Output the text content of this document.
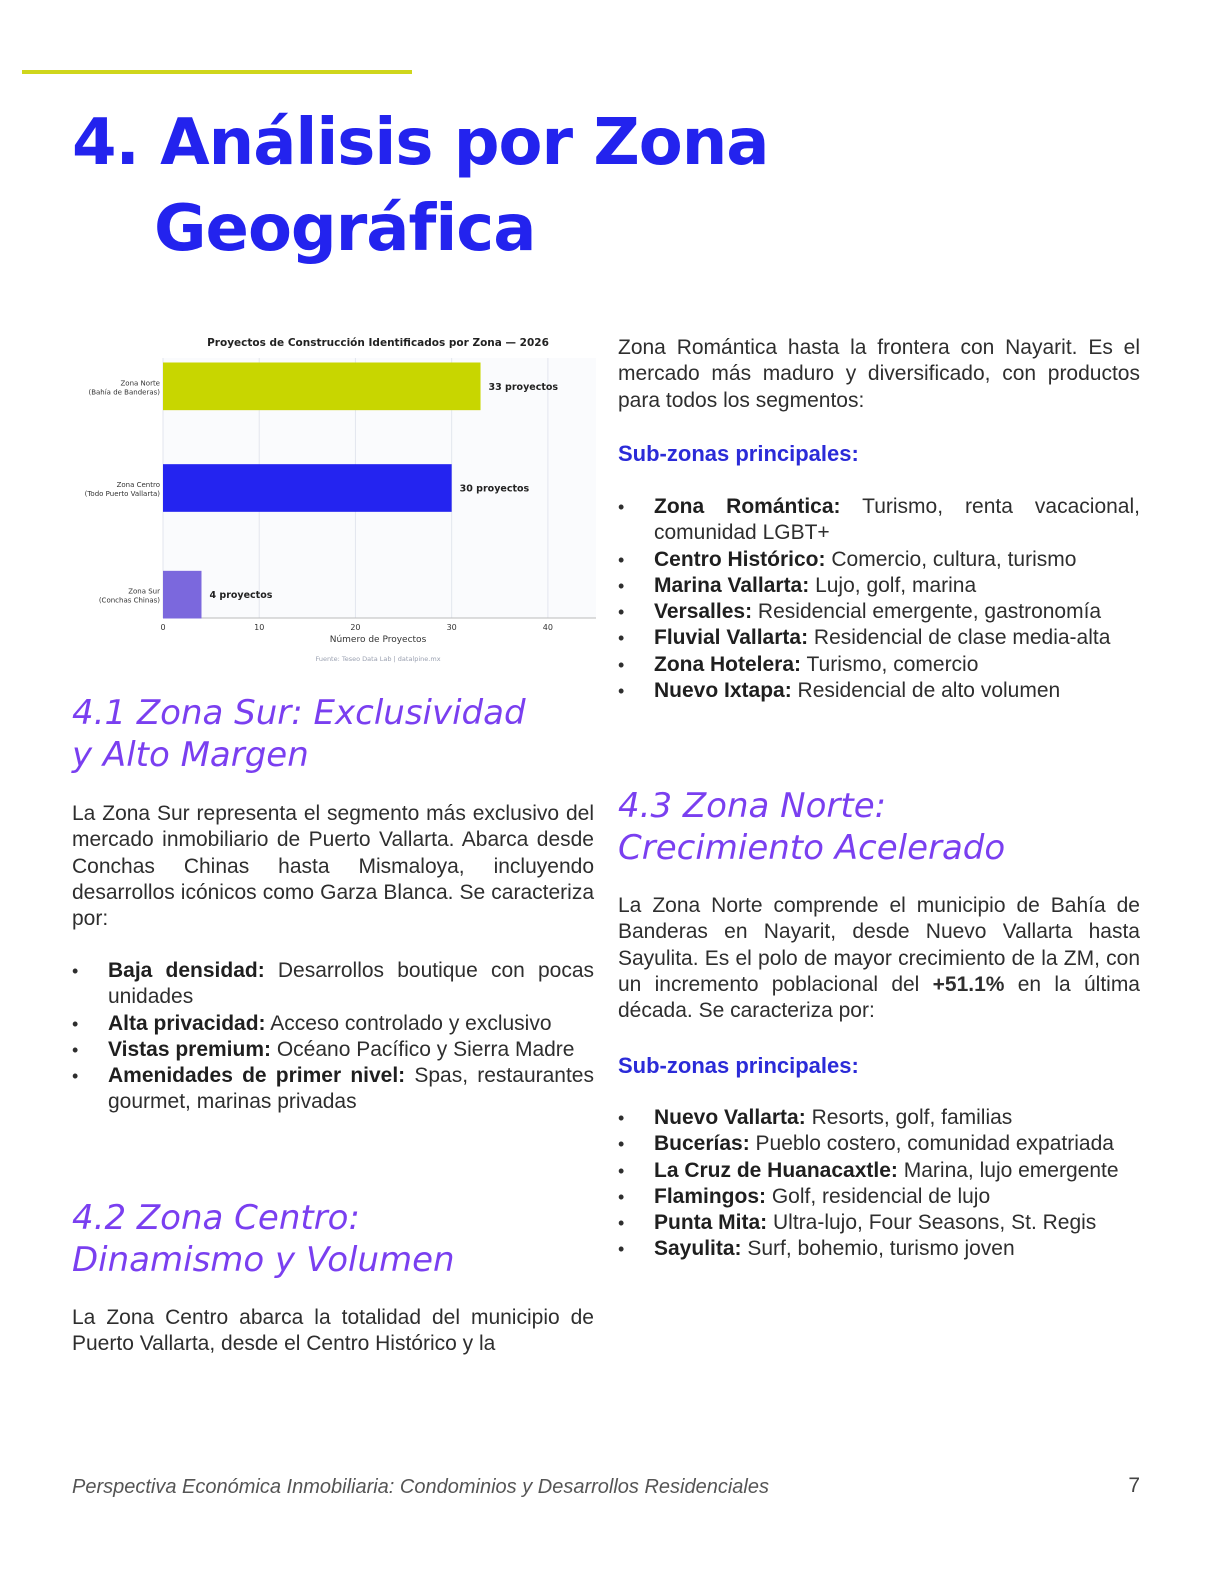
4. Análisis por Zona
Geográfica
Proyectos de Construcción Identificados por Zona — 2026
Zona Norte
(Bahía de Banderas)
Zona Centro
(Todo Puerto Vallarta)
Zona Sur
(Conchas Chinas)
33 proyectos
30 proyectos
4 proyectos
0	10	20	30	40
Número de Proyectos
Fuente: Teseo Data Lab | datalpine.mx
4.1 Zona Sur: Exclusividad
y Alto Margen

La Zona Sur representa el segmento más exclusivo del mercado inmobiliario de Puerto Vallarta. Abarca desde Conchas Chinas hasta Mismaloya, incluyendo desarrollos icónicos como Garza Blanca. Se caracteriza por:

• Baja densidad: Desarrollos boutique con pocas unidades
• Alta privacidad: Acceso controlado y exclusivo
• Vistas premium: Océano Pacífico y Sierra Madre
• Amenidades de primer nivel: Spas, restaurantes gourmet, marinas privadas
4.2 Zona Centro:
Dinamismo y Volumen

La Zona Centro abarca la totalidad del municipio de Puerto Vallarta, desde el Centro Histórico y la

Zona Romántica hasta la frontera con Nayarit. Es el mercado más maduro y diversificado, con productos para todos los segmentos:

Sub-zonas principales:
• Zona Romántica: Turismo, renta vacacional, comunidad LGBT+
• Centro Histórico: Comercio, cultura, turismo
• Marina Vallarta: Lujo, golf, marina
• Versalles: Residencial emergente, gastronomía
• Fluvial Vallarta: Residencial de clase media-alta
• Zona Hotelera: Turismo, comercio
• Nuevo Ixtapa: Residencial de alto volumen
4.3 Zona Norte:
Crecimiento Acelerado

La Zona Norte comprende el municipio de Bahía de Banderas en Nayarit, desde Nuevo Vallarta hasta Sayulita. Es el polo de mayor crecimiento de la ZM, con un incremento poblacional del +51.1% en la última década. Se caracteriza por:

Sub-zonas principales:
• Nuevo Vallarta: Resorts, golf, familias
• Bucerías: Pueblo costero, comunidad expatriada
• La Cruz de Huanacaxtle: Marina, lujo emergente
• Flamingos: Golf, residencial de lujo
• Punta Mita: Ultra-lujo, Four Seasons, St. Regis
• Sayulita: Surf, bohemio, turismo joven
Perspectiva Económica Inmobiliaria: Condominios y Desarrollos Residenciales	7
